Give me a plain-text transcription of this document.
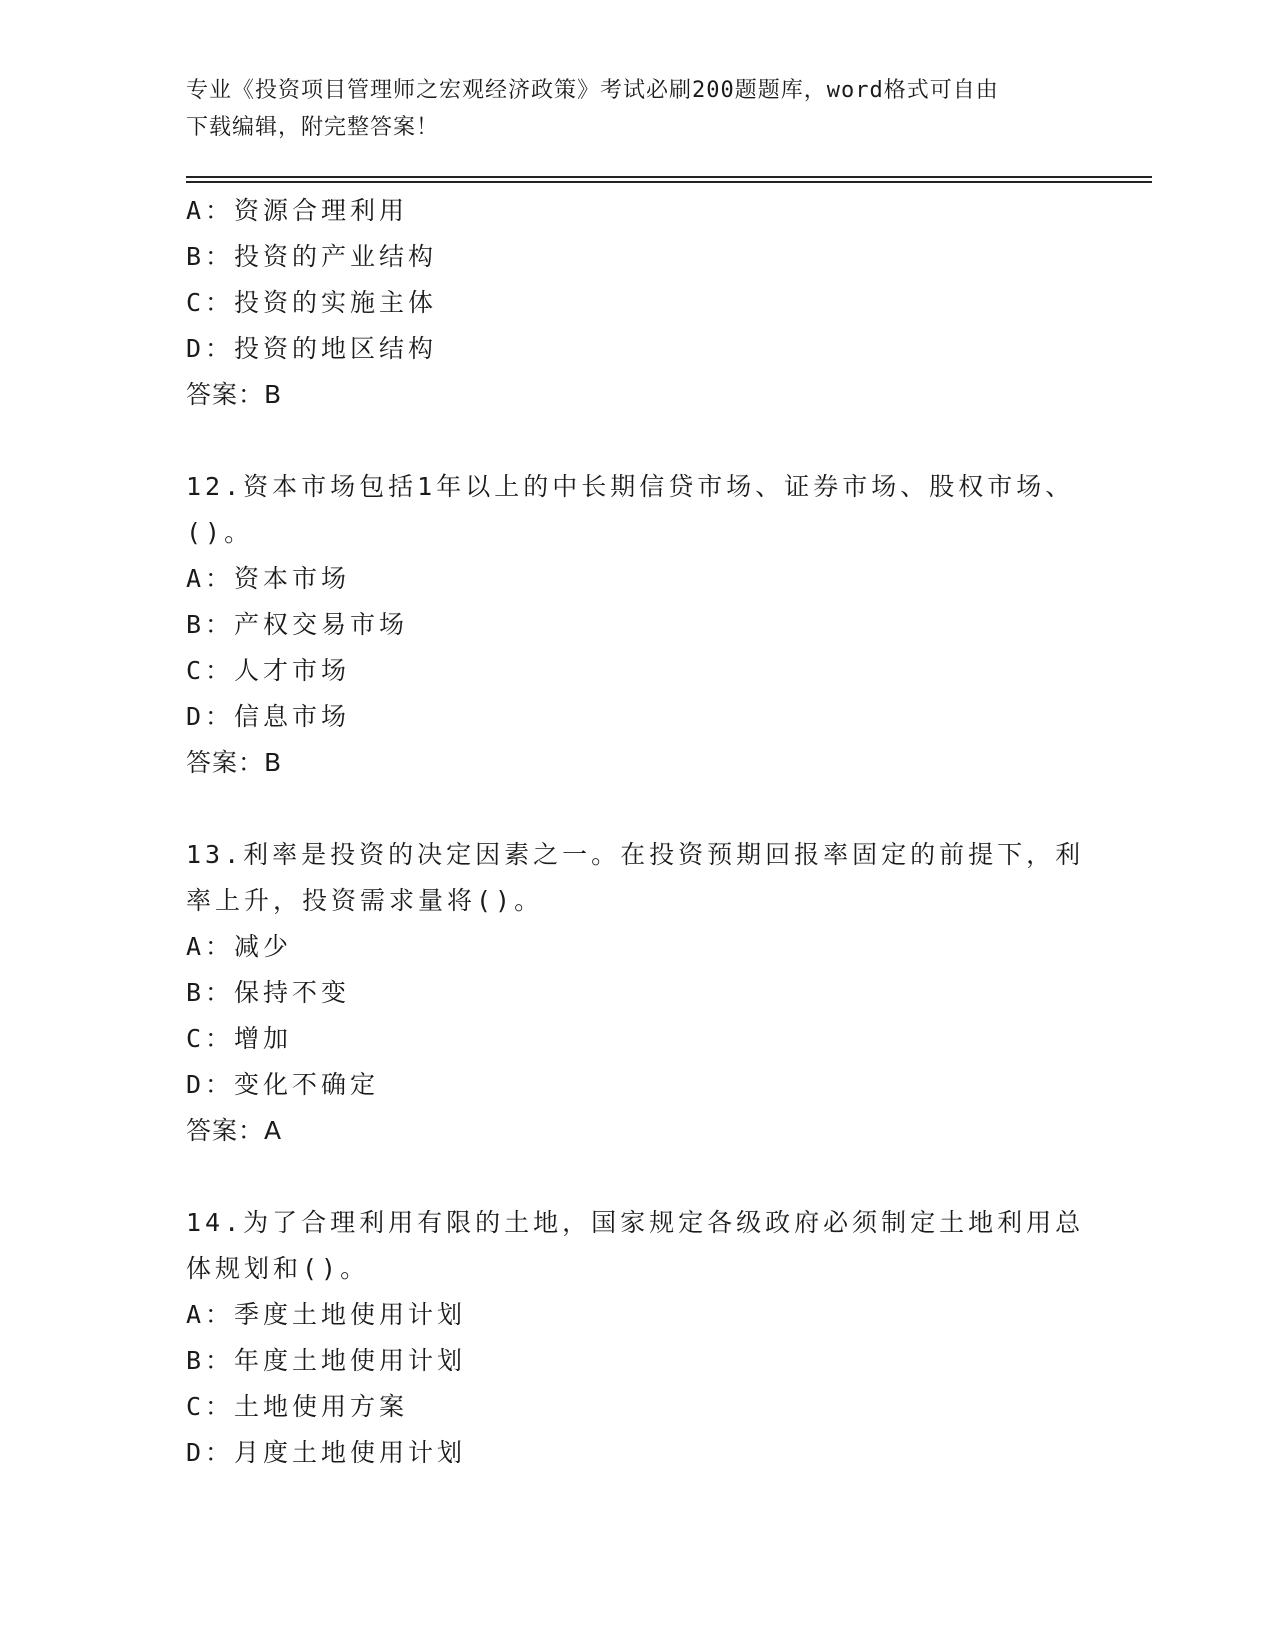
专业《投资项目管理师之宏观经济政策》考试必刷200题题库，word格式可自由
下载编辑，附完整答案！
A：资源合理利用
B：投资的产业结构
C：投资的实施主体
D：投资的地区结构
答案：B
12.资本市场包括1年以上的中长期信贷市场、证券市场、股权市场、
()。
A：资本市场
B：产权交易市场
C：人才市场
D：信息市场
答案：B
13.利率是投资的决定因素之一。在投资预期回报率固定的前提下，利
率上升，投资需求量将()。
A：减少
B：保持不变
C：增加
D：变化不确定
答案：A
14.为了合理利用有限的土地，国家规定各级政府必须制定土地利用总
体规划和()。
A：季度土地使用计划
B：年度土地使用计划
C：土地使用方案
D：月度土地使用计划
